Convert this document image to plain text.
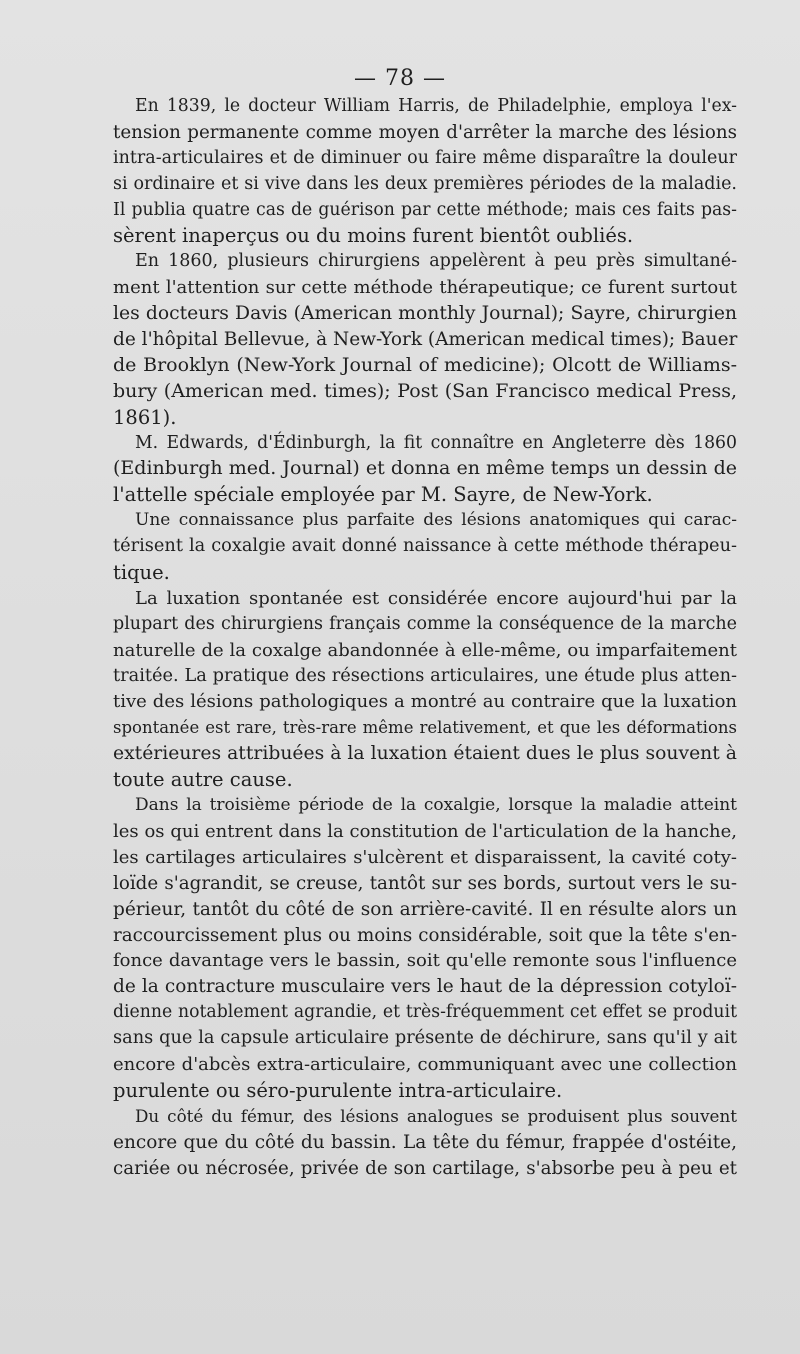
— 78 —
En 1839, le docteur William Harris, de Philadelphie, employa l'ex-
tension permanente comme moyen d'arrêter la marche des lésions
intra-articulaires et de diminuer ou faire même disparaître la douleur
si ordinaire et si vive dans les deux premières périodes de la maladie.
Il publia quatre cas de guérison par cette méthode; mais ces faits pas-
sèrent inaperçus ou du moins furent bientôt oubliés.
En 1860, plusieurs chirurgiens appelèrent à peu près simultané-
ment l'attention sur cette méthode thérapeutique; ce furent surtout
les docteurs Davis (American monthly Journal); Sayre, chirurgien
de l'hôpital Bellevue, à New-York (American medical times); Bauer
de Brooklyn (New-York Journal of medicine); Olcott de Williams-
bury (American med. times); Post (San Francisco medical Press,
1861).
M. Edwards, d'Édinburgh, la fit connaître en Angleterre dès 1860
(Edinburgh med. Journal) et donna en même temps un dessin de
l'attelle spéciale employée par M. Sayre, de New-York.
Une connaissance plus parfaite des lésions anatomiques qui carac-
térisent la coxalgie avait donné naissance à cette méthode thérapeu-
tique.
La luxation spontanée est considérée encore aujourd'hui par la
plupart des chirurgiens français comme la conséquence de la marche
naturelle de la coxalge abandonnée à elle-même, ou imparfaitement
traitée. La pratique des résections articulaires, une étude plus atten-
tive des lésions pathologiques a montré au contraire que la luxation
spontanée est rare, très-rare même relativement, et que les déformations
extérieures attribuées à la luxation étaient dues le plus souvent à
toute autre cause.
Dans la troisième période de la coxalgie, lorsque la maladie atteint
les os qui entrent dans la constitution de l'articulation de la hanche,
les cartilages articulaires s'ulcèrent et disparaissent, la cavité coty-
loïde s'agrandit, se creuse, tantôt sur ses bords, surtout vers le su-
périeur, tantôt du côté de son arrière-cavité. Il en résulte alors un
raccourcissement plus ou moins considérable, soit que la tête s'en-
fonce davantage vers le bassin, soit qu'elle remonte sous l'influence
de la contracture musculaire vers le haut de la dépression cotyloï-
dienne notablement agrandie, et très-fréquemment cet effet se produit
sans que la capsule articulaire présente de déchirure, sans qu'il y ait
encore d'abcès extra-articulaire, communiquant avec une collection
purulente ou séro-purulente intra-articulaire.
Du côté du fémur, des lésions analogues se produisent plus souvent
encore que du côté du bassin. La tête du fémur, frappée d'ostéite,
cariée ou nécrosée, privée de son cartilage, s'absorbe peu à peu et
